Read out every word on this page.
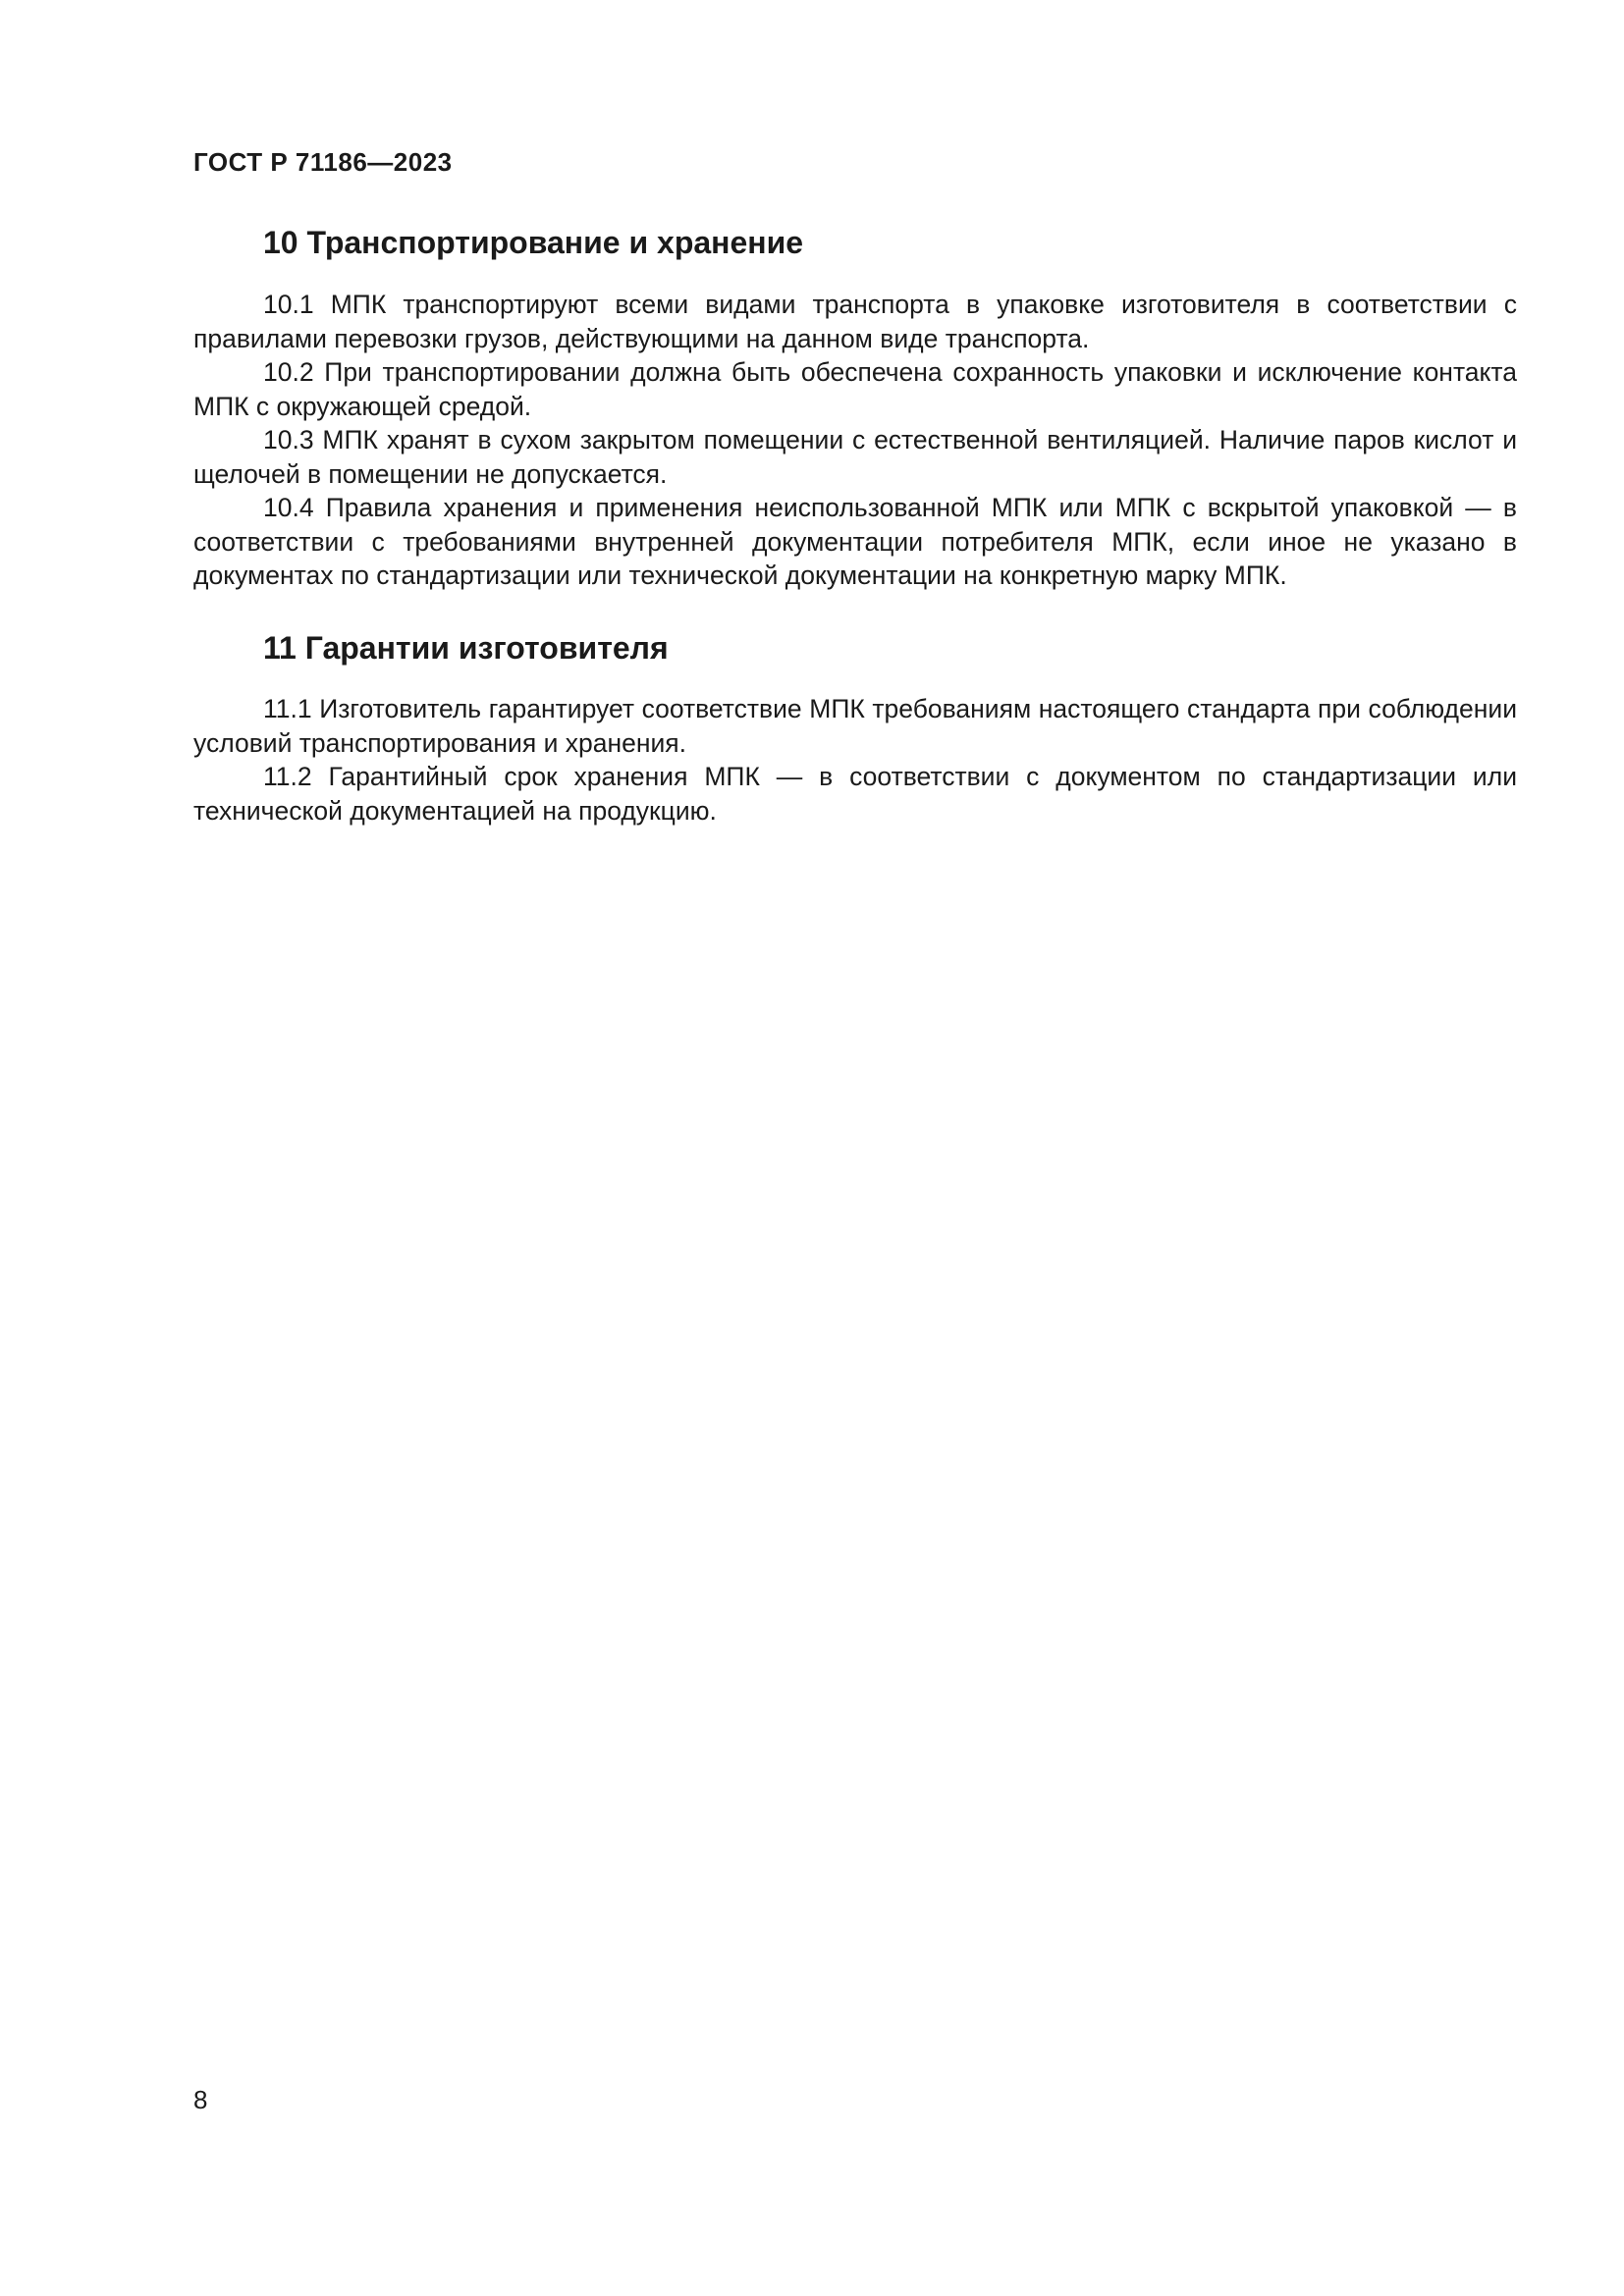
ГОСТ Р 71186—2023
10 Транспортирование и хранение

10.1 МПК транспортируют всеми видами транспорта в упаковке изготовителя в соответствии с правилами перевозки грузов, действующими на данном виде транспорта.

10.2 При транспортировании должна быть обеспечена сохранность упаковки и исключение контакта МПК с окружающей средой.

10.3 МПК хранят в сухом закрытом помещении с естественной вентиляцией. Наличие паров кислот и щелочей в помещении не допускается.

10.4 Правила хранения и применения неиспользованной МПК или МПК с вскрытой упаковкой — в соответствии с требованиями внутренней документации потребителя МПК, если иное не указано в документах по стандартизации или технической документации на конкретную марку МПК.

11 Гарантии изготовителя

11.1 Изготовитель гарантирует соответствие МПК требованиям настоящего стандарта при соблюдении условий транспортирования и хранения.

11.2 Гарантийный срок хранения МПК — в соответствии с документом по стандартизации или технической документацией на продукцию.

8
